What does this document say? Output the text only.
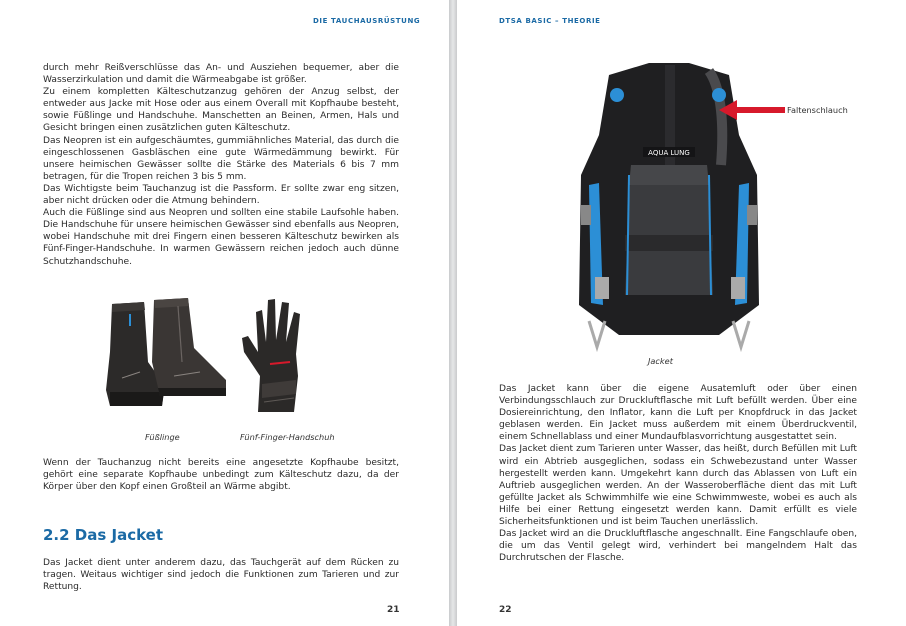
DIE TAUCHAUSRÜSTUNG

durch mehr Reißverschlüsse das An- und Ausziehen bequemer, aber die Wasserzirkulation und damit die Wärmeabgabe ist größer.

Zu einem kompletten Kälteschutzanzug gehören der Anzug selbst, der entweder aus Jacke mit Hose oder aus einem Overall mit Kopfhaube besteht, sowie Füßlinge und Handschuhe. Manschetten an Beinen, Armen, Hals und Gesicht bringen einen zusätzlichen guten Kälteschutz.

Das Neopren ist ein aufgeschäumtes, gummiähnliches Material, das durch die eingeschlossenen Gasbläschen eine gute Wärmedämmung bewirkt. Für unsere heimischen Gewässer sollte die Stärke des Materials 6 bis 7 mm betragen, für die Tropen reichen 3 bis 5 mm.

Das Wichtigste beim Tauchanzug ist die Passform. Er sollte zwar eng sitzen, aber nicht drücken oder die Atmung behindern.

Auch die Füßlinge sind aus Neopren und sollten eine stabile Laufsohle haben. Die Handschuhe für unsere heimischen Gewässer sind ebenfalls aus Neopren, wobei Handschuhe mit drei Fingern einen besseren Kälteschutz bewirken als Fünf-Finger-Handschuhe. In warmen Gewässern reichen jedoch auch dünne Schutzhandschuhe.

Füßlinge	Fünf-Finger-Handschuh
Wenn der Tauchanzug nicht bereits eine angesetzte Kopfhaube besitzt, gehört eine separate Kopfhaube unbedingt zum Kälteschutz dazu, da der Körper über den Kopf einen Großteil an Wärme abgibt.
2.2 Das Jacket
Das Jacket dient unter anderem dazu, das Tauchgerät auf dem Rücken zu tragen. Weitaus wichtiger sind jedoch die Funktionen zum Tarieren und zur Rettung.
21
DTSA BASIC – THEORIE
AQUA LUNG
Faltenschlauch
Jacket

Das Jacket kann über die eigene Ausatemluft oder über einen Verbindungsschlauch zur Druckluftflasche mit Luft befüllt werden. Über eine Dosiereinrichtung, den Inflator, kann die Luft per Knopfdruck in das Jacket geblasen werden. Ein Jacket muss außerdem mit einem Überdruckventil, einem Schnellablass und einer Mundaufblasvorrichtung ausgestattet sein.

Das Jacket dient zum Tarieren unter Wasser, das heißt, durch Befüllen mit Luft wird ein Abtrieb ausgeglichen, sodass ein Schwebezustand unter Wasser hergestellt werden kann. Umgekehrt kann durch das Ablassen von Luft ein Auftrieb ausgeglichen werden. An der Wasseroberfläche dient das mit Luft gefüllte Jacket als Schwimmhilfe wie eine Schwimmweste, wobei es auch als Hilfe bei einer Rettung eingesetzt werden kann. Damit erfüllt es viele Sicherheitsfunktionen und ist beim Tauchen unerlässlich.

Das Jacket wird an die Druckluftflasche angeschnallt. Eine Fangschlaufe oben, die um das Ventil gelegt wird, verhindert bei mangelndem Halt das Durchrutschen der Flasche.

22
